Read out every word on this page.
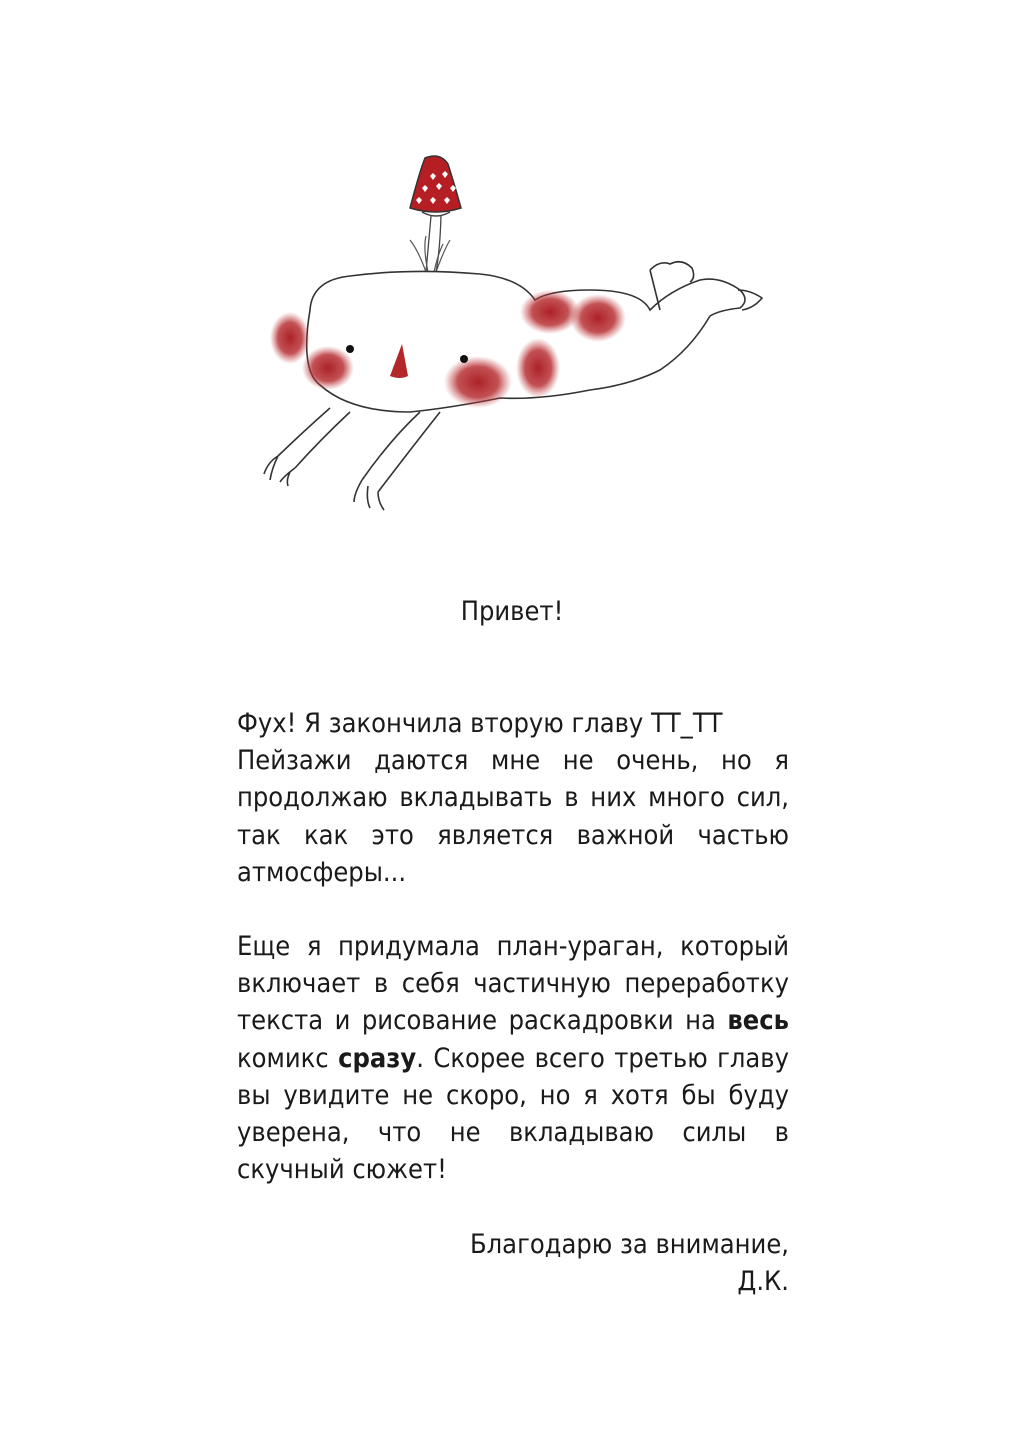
Привет!
Фух! Я закончила вторую главу ТТ_ТТ
Пейзажи даются мне не очень, но я
продолжаю вкладывать в них много сил,
так как это является важной частью
атмосферы...
Еще я придумала план-ураган, который
включает в себя частичную переработку
текста и рисование раскадровки на весь
комикс сразу. Скорее всего третью главу
вы увидите не скоро, но я хотя бы буду
уверена, что не вкладываю силы в
скучный сюжет!
Благодарю за внимание,
Д.К.
